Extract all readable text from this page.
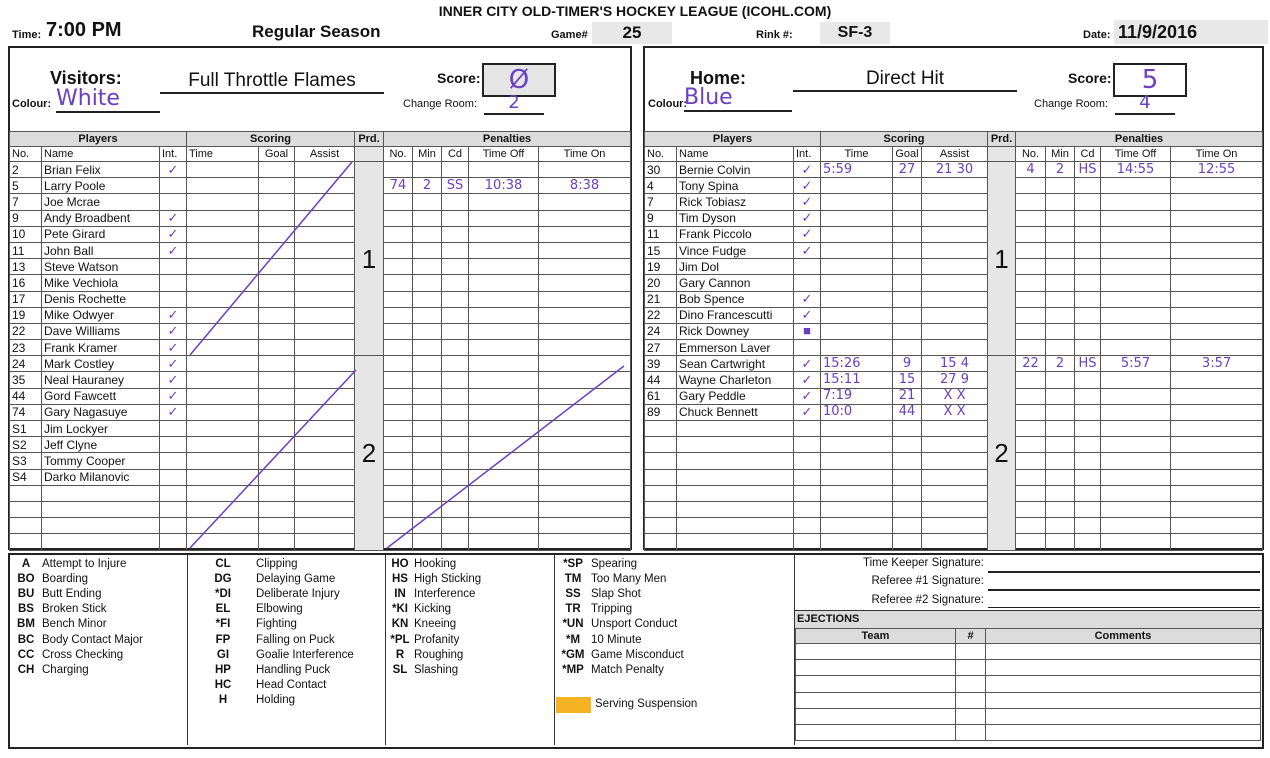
INNER CITY OLD-TIMER'S HOCKEY LEAGUE (ICOHL.COM)
Time: 7:00 PM	Regular Season	Game#	25	Rink #:	SF-3	Date: 11/9/2016
Visitors:	Full Throttle Flames
Colour: White
Score:	Ø
Change Room:	2
Home:	Direct Hit
Colour:
Blue
Score:	5
Change Room:	4
Players			Scoring			Prd.	Penalties				
No.	Name	Int.	Time	Goal	Assist		No.	Min	Cd	Time Off	Time On
2	Brian Felix	✓				1					
5	Larry Poole						74	2	SS	10:38	8:38
7	Joe Mcrae										
9	Andy Broadbent	✓									
10	Pete Girard	✓									
11	John Ball	✓									
13	Steve Watson										
16	Mike Vechiola										
17	Denis Rochette										
19	Mike Odwyer	✓									
22	Dave Williams	✓									
23	Frank Kramer	✓									
24	Mark Costley	✓				2					
35	Neal Hauraney	✓									
44	Gord Fawcett	✓									
74	Gary Nagasuye	✓									
S1	Jim Lockyer										
S2	Jeff Clyne										
S3	Tommy Cooper										
S4	Darko Milanovic										

Players			Scoring			Prd.	Penalties				
No.	Name	Int.	Time	Goal	Assist		No.	Min	Cd	Time Off	Time On
30	Bernie Colvin	✓	5:59	27	21 30	1	4	2	HS	14:55	12:55
4	Tony Spina	✓									
7	Rick Tobiasz	✓									
9	Tim Dyson	✓									
11	Frank Piccolo	✓									
15	Vince Fudge	✓									
19	Jim Dol										
20	Gary Cannon										
21	Bob Spence	✓									
22	Dino Francescutti	✓									
24	Rick Downey	■									
27	Emmerson Laver										
39	Sean Cartwright	✓	15:26	9	15 4	2	22	2	HS	5:57	3:57
44	Wayne Charleton	✓	15:11	15	27 9						
61	Gary Peddle	✓	7:19	21	X X						
89	Chuck Bennett	✓	10:0	44	X X						

A	Attempt to Injure
BO	Boarding
BU	Butt Ending
BS	Broken Stick
BM	Bench Minor
BC	Body Contact Major
CC	Cross Checking
CH	Charging
CL	Clipping
DG	Delaying Game
*DI	Deliberate Injury
EL	Elbowing
*FI	Fighting
FP	Falling on Puck
GI	Goalie Interference
HP	Handling Puck
HC	Head Contact
H	Holding
HO	Hooking
HS	High Sticking
IN	Interference
*KI	Kicking
KN	Kneeing
*PL	Profanity
R	Roughing
SL	Slashing
*SP	Spearing
TM	Too Many Men
SS	Slap Shot
TR	Tripping
*UN	Unsport Conduct
*M	10 Minute
*GM	Game Misconduct
*MP	Match Penalty
Serving Suspension
Time Keeper Signature:
Referee #1 Signature:
Referee #2 Signature:
EJECTIONS
Team	#	Comments
